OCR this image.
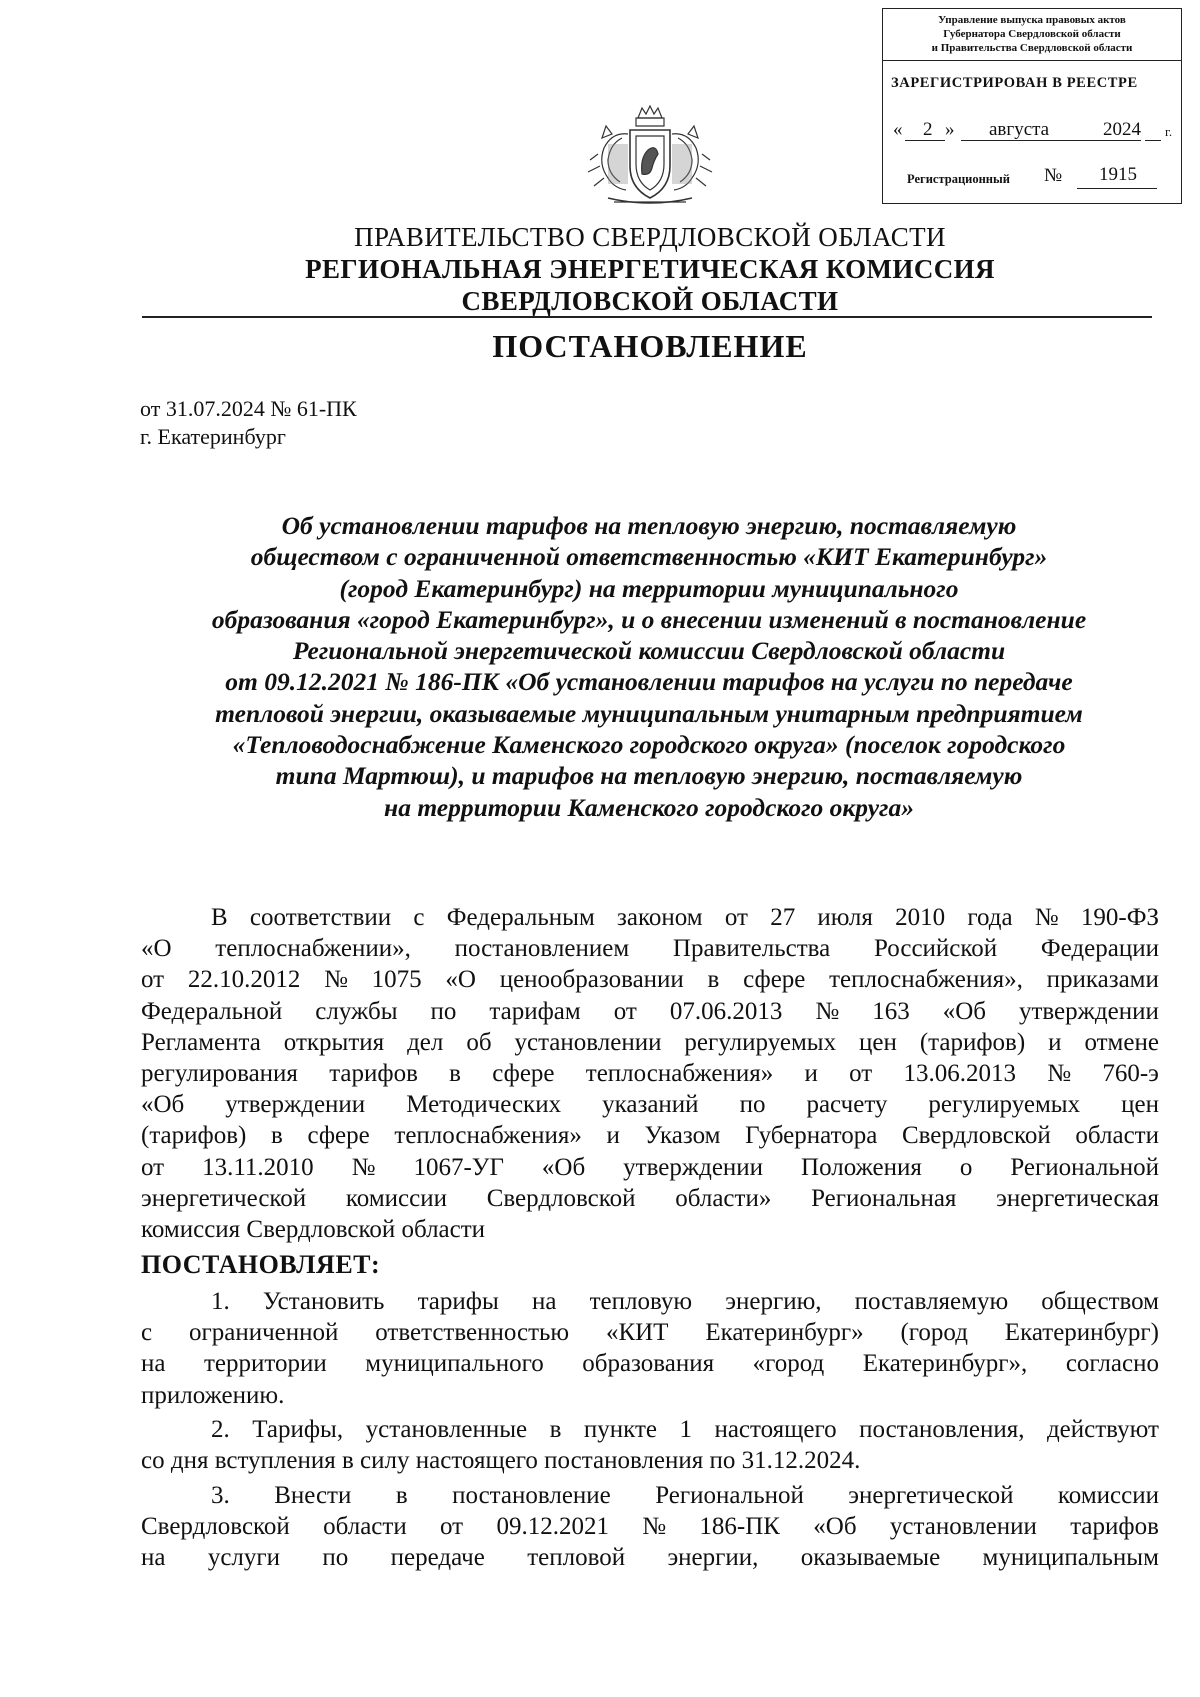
Управление выпуска правовых актов
Губернатора Свердловской области
и Правительства Свердловской области
ЗАРЕГИСТРИРОВАН В РЕЕСТРЕ
« 2 » августа	2024 г.
Регистрационный №	1915
ПРАВИТЕЛЬСТВО СВЕРДЛОВСКОЙ ОБЛАСТИ
РЕГИОНАЛЬНАЯ ЭНЕРГЕТИЧЕСКАЯ КОМИССИЯ
СВЕРДЛОВСКОЙ ОБЛАСТИ
ПОСТАНОВЛЕНИЕ
от 31.07.2024 № 61-ПК
г. Екатеринбург
Об установлении тарифов на тепловую энергию, поставляемую
обществом с ограниченной ответственностью «КИТ Екатеринбург»
(город Екатеринбург) на территории муниципального
образования «город Екатеринбург», и о внесении изменений в постановление
Региональной энергетической комиссии Свердловской области
от 09.12.2021 № 186-ПК «Об установлении тарифов на услуги по передаче
тепловой энергии, оказываемые муниципальным унитарным предприятием
«Тепловодоснабжение Каменского городского округа» (поселок городского
типа Мартюш), и тарифов на тепловую энергию, поставляемую
на территории Каменского городского округа»
В соответствии с Федеральным законом от 27 июля 2010 года № 190-ФЗ
«О теплоснабжении», постановлением Правительства Российской Федерации
от 22.10.2012 № 1075 «О ценообразовании в сфере теплоснабжения», приказами
Федеральной службы по тарифам от 07.06.2013 № 163 «Об утверждении
Регламента открытия дел об установлении регулируемых цен (тарифов) и отмене
регулирования тарифов в сфере теплоснабжения» и от 13.06.2013 № 760-э
«Об утверждении Методических указаний по расчету регулируемых цен
(тарифов) в сфере теплоснабжения» и Указом Губернатора Свердловской области
от 13.11.2010 № 1067-УГ «Об утверждении Положения о Региональной
энергетической комиссии Свердловской области» Региональная энергетическая
комиссия Свердловской области
ПОСТАНОВЛЯЕТ:
1. Установить тарифы на тепловую энергию, поставляемую обществом
с ограниченной ответственностью «КИТ Екатеринбург» (город Екатеринбург)
на территории муниципального образования «город Екатеринбург», согласно
приложению.
2. Тарифы, установленные в пункте 1 настоящего постановления, действуют
со дня вступления в силу настоящего постановления по 31.12.2024.
3. Внести в постановление Региональной энергетической комиссии
Свердловской области от 09.12.2021 № 186-ПК «Об установлении тарифов
на услуги по передаче тепловой энергии, оказываемые муниципальным
